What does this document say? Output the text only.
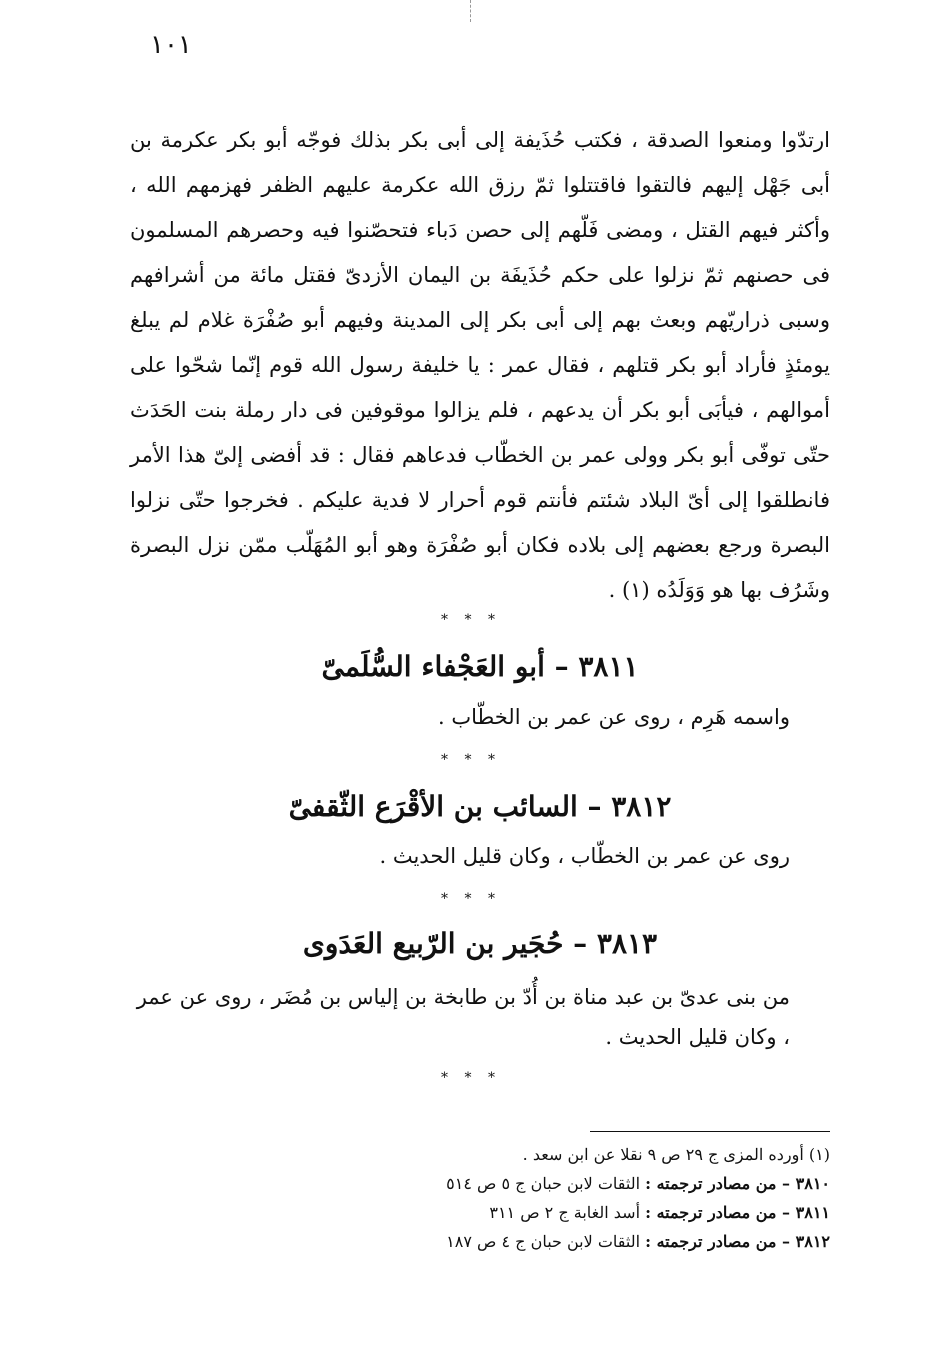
١٠١

ارتدّوا ومنعوا الصدقة ، فكتب حُذَيفة إلى أبى بكر بذلك فوجّه أبو بكر عكرمة بن أبى جَهْل إليهم فالتقوا فاقتتلوا ثمّ رزق الله عكرمة عليهم الظفر فهزمهم الله ، وأكثر فيهم القتل ، ومضى فَلّهم إلى حصن دَباء فتحصّنوا فيه وحصرهم المسلمون فى حصنهم ثمّ نزلوا على حكم حُذَيفَة بن اليمان الأزدىّ فقتل مائة من أشرافهم وسبى ذراريّهم وبعث بهم إلى أبى بكر إلى المدينة وفيهم أبو صُفْرَة غلام لم يبلغ يومئذٍ فأراد أبو بكر قتلهم ، فقال عمر : يا خليفة رسول الله قوم إنّما شحّوا على أموالهم ، فيأبَى أبو بكر أن يدعهم ، فلم يزالوا موقوفين فى دار رملة بنت الحَدَث حتّى توفّى أبو بكر وولى عمر بن الخطّاب فدعاهم فقال : قد أفضى إلىّ هذا الأمر فانطلقوا إلى أىّ البلاد شئتم فأنتم قوم أحرار لا فدية عليكم . فخرجوا حتّى نزلوا البصرة ورجع بعضهم إلى بلاده فكان أبو صُفْرَة وهو أبو المُهَلّب ممّن نزل البصرة وشَرُف بها هو وَوَلَدُه (١) .

* * *
٣٨١١ – أبو العَجْفاء السُّلَمىّ
واسمه هَرِم ، روى عن عمر بن الخطّاب .
* * *
٣٨١٢ – السائب بن الأقْرَع الثّقفىّ
روى عن عمر بن الخطّاب ، وكان قليل الحديث .
* * *
٣٨١٣ – حُجَير بن الرّبيع العَدَوى
من بنى عدىّ بن عبد مناة بن أُدّ بن طابخة بن إلياس بن مُضَر ، روى عن عمر ، وكان قليل الحديث .
* * *
(١) أورده المزى ج ٢٩ ص ٩ نقلا عن ابن سعد .
٣٨١٠ – من مصادر ترجمته : الثقات لابن حبان ج ٥ ص ٥١٤
٣٨١١ – من مصادر ترجمته : أسد الغابة ج ٢ ص ٣١١
٣٨١٢ – من مصادر ترجمته : الثقات لابن حبان ج ٤ ص ١٨٧
